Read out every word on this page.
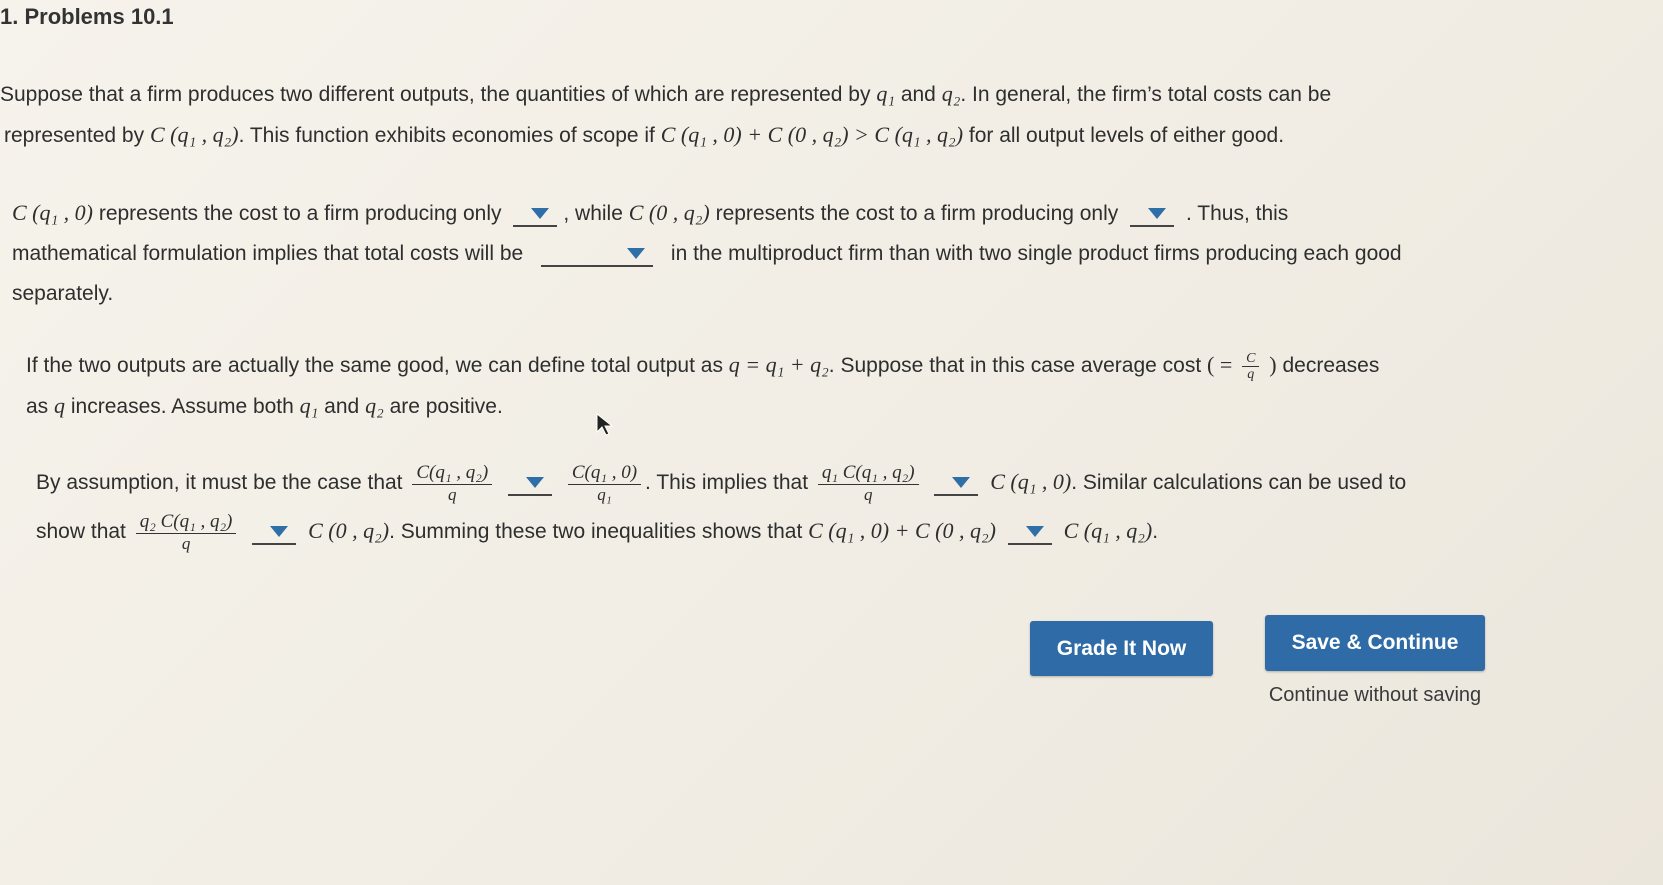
1. Problems 10.1
Suppose that a firm produces two different outputs, the quantities of which are represented by q₁ and q₂. In general, the firm’s total costs can be
represented by C (q₁ , q₂). This function exhibits economies of scope if C (q₁ , 0) + C (0 , q₂) > C (q₁ , q₂) for all output levels of either good.
C (q₁ , 0) represents the cost to a firm producing only	, while C (0 , q₂) represents the cost to a firm producing only	. Thus, this
mathematical formulation implies that total costs will be	in the multiproduct firm than with two single product firms producing each good
separately.
If the two outputs are actually the same good, we can define total output as q = q₁ + q₂. Suppose that in this case average cost ( = $\frac{C}{q}$ ) decreases
as q increases. Assume both q₁ and q₂ are positive.
By assumption, it must be the case that $\frac{\text{C(q₁ , q₂)}}{q}$

	$\frac{\text{C(q₁ , 0)}}{\text{q₁}}$ . This implies that $\frac{\text{q₁ C(q₁ , q₂)}}{q}$
	C (q₁ , 0). Similar calculations can be used to
show that $\frac{\text{q₂ C(q₁ , q₂)}}{q}$
	C (0 , q₂). Summing these two inequalities shows that C (q₁ , 0) + C (0 , q₂)	C (q₁ , q₂).
Grade It Now	Save & Continue
Continue without saving
